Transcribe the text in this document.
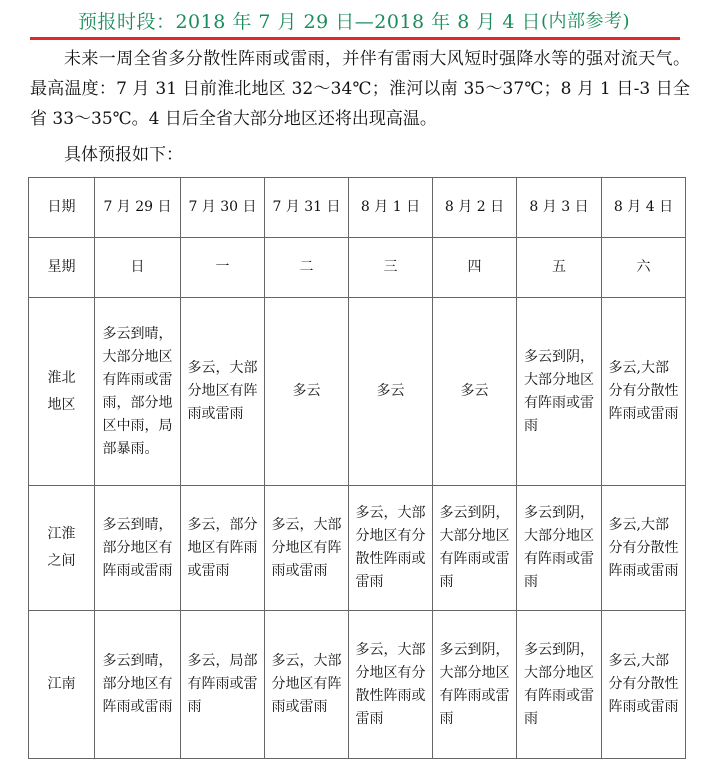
预报时段：2018 年 7 月 29 日—2018 年 8 月 4 日 (内部参考)
未来一周全省多分散性阵雨或雷雨，并伴有雷雨大风短时强降水等的强对流天气。最高温度：7 月 31 日前淮北地区 32～34℃；淮河以南 35～37℃；8 月 1 日-3 日全省 33～35℃。4 日后全省大部分地区还将出现高温。
具体预报如下：
日期	7 月 29 日	7 月 30 日	7 月 31 日	8 月 1 日	8 月 2 日	8 月 3 日	8 月 4 日
星期	日	一	二	三	四	五	六

淮北地区	多云到晴，大部分地区有阵雨或雷雨，部分地区中雨，局部暴雨。	多云，大部分地区有阵雨或雷雨	多云	多云	多云	多云到阴，大部分地区有阵雨或雷雨	多云,大部分有分散性阵雨或雷雨

江淮之间	多云到晴，部分地区有阵雨或雷雨	多云，部分地区有阵雨或雷雨	多云，大部分地区有阵雨或雷雨	多云，大部分地区有分散性阵雨或雷雨	多云到阴，大部分地区有阵雨或雷雨	多云到阴，大部分地区有阵雨或雷雨	多云,大部分有分散性阵雨或雷雨

江南	多云到晴，部分地区有阵雨或雷雨	多云，局部有阵雨或雷雨	多云，大部分地区有阵雨或雷雨	多云，大部分地区有分散性阵雨或雷雨	多云到阴，大部分地区有阵雨或雷雨	多云到阴，大部分地区有阵雨或雷雨	多云,大部分有分散性阵雨或雷雨
